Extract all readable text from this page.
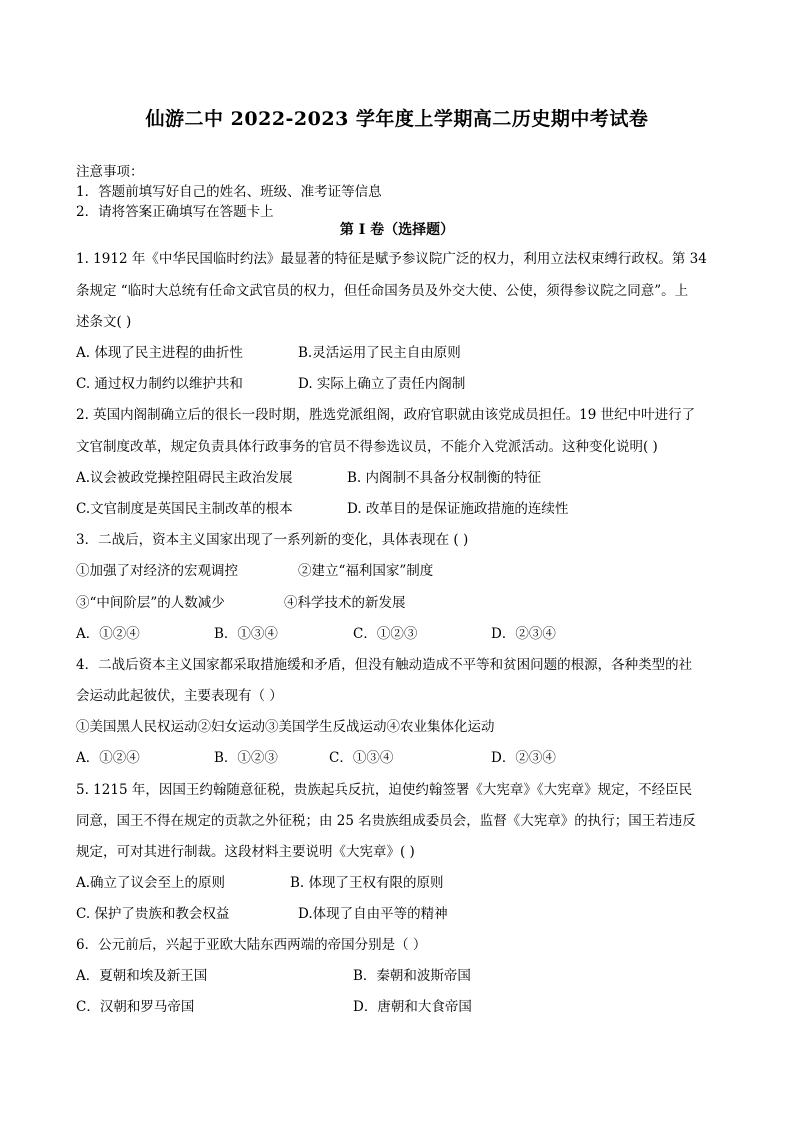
仙游二中 2022-2023 学年度上学期高二历史期中考试卷
注意事项：
1．答题前填写好自己的姓名、班级、准考证等信息
2．请将答案正确填写在答题卡上
第 I 卷（选择题）
1. 1912 年《中华民国临时约法》最显著的特征是赋予参议院广泛的权力，利用立法权束缚行政权。第 34
条规定 “临时大总统有任命文武官员的权力，但任命国务员及外交大使、公使，须得参议院之同意”。上
述条文( )
A. 体现了民主进程的曲折性	B.灵活运用了民主自由原则
C. 通过权力制约以维护共和	D. 实际上确立了责任内阁制
2. 英国内阁制确立后的很长一段时期，胜选党派组阁，政府官职就由该党成员担任。19 世纪中叶进行了
文官制度改革，规定负责具体行政事务的官员不得参选议员，不能介入党派活动。这种变化说明( )
A.议会被政党操控阻碍民主政治发展	B. 内阁制不具备分权制衡的特征
C.文官制度是英国民主制改革的根本	D. 改革目的是保证施政措施的连续性
3．二战后，资本主义国家出现了一系列新的变化，具体表现在 ( )
①加强了对经济的宏观调控	②建立“福利国家”制度
③“中间阶层”的人数减少	④科学技术的新发展
A．①②④	B．①③④	C．①②③	D．②③④
4．二战后资本主义国家都采取措施缓和矛盾，但没有触动造成不平等和贫困问题的根源，各种类型的社
会运动此起彼伏，主要表现有（ ）
①美国黑人民权运动②妇女运动③美国学生反战运动④农业集体化运动
A．①②④	B．①②③	C．①③④	D．②③④
5. 1215 年，因国王约翰随意征税，贵族起兵反抗，迫使约翰签署《大宪章》《大宪章》规定，不经臣民
同意，国王不得在规定的贡款之外征税；由 25 名贵族组成委员会，监督《大宪章》的执行；国王若违反
规定，可对其进行制裁。这段材料主要说明《大宪章》( )
A.确立了议会至上的原则	B. 体现了王权有限的原则
C. 保护了贵族和教会权益	D.体现了自由平等的精神
6．公元前后，兴起于亚欧大陆东西两端的帝国分别是（ ）
A．夏朝和埃及新王国	B．秦朝和波斯帝国
C．汉朝和罗马帝国	D．唐朝和大食帝国
